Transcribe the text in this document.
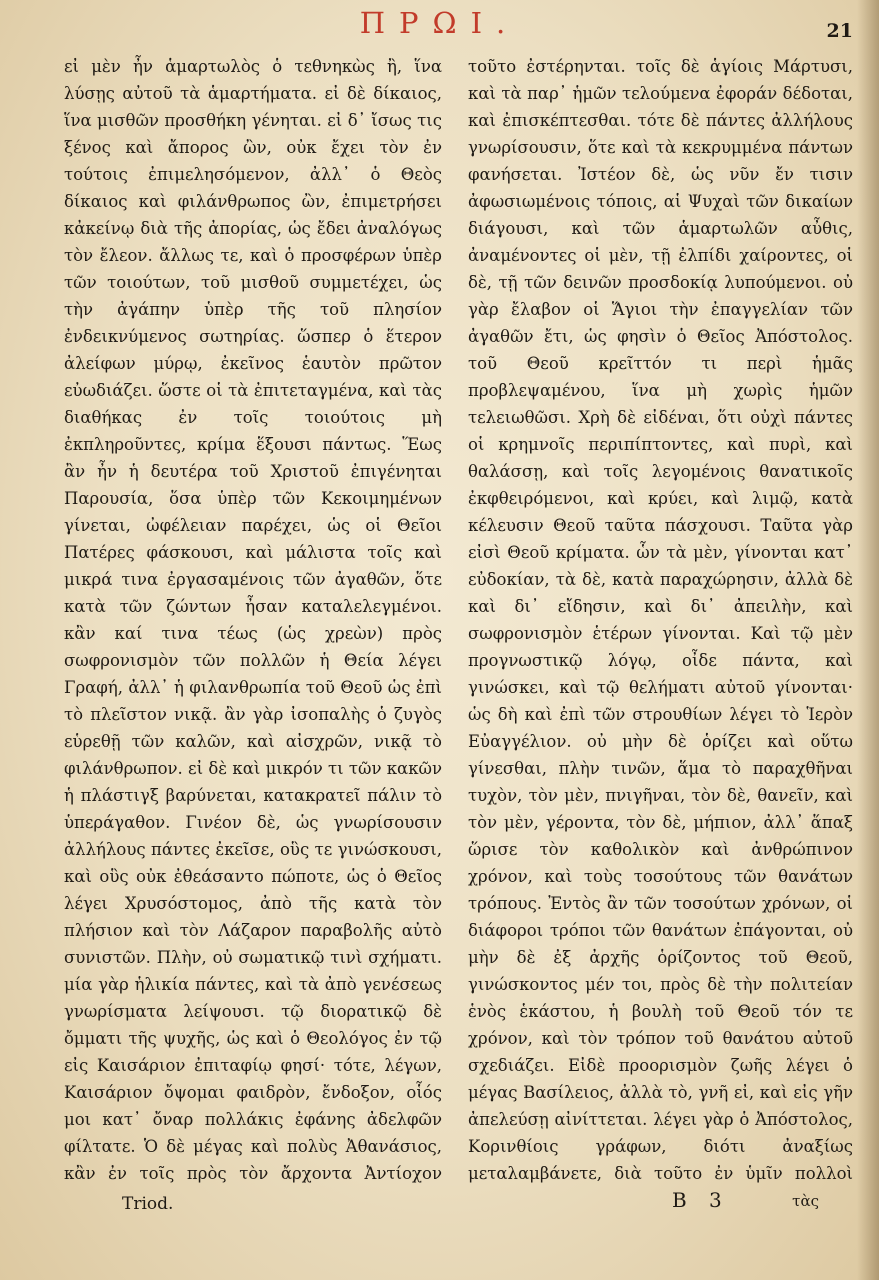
ΠΡΩΙ.	21

εἰ μὲν ἦν ἁμαρτωλὸς ὁ τεθνηκὼς ἢ, ἵνα λύσῃς αὐτοῦ τὰ ἁμαρτήματα. εἰ δὲ δίκαιος, ἵνα μισθῶν προσθήκη γένηται. εἰ δ᾽ ἴσως τις ξένος καὶ ἄπορος ὢν, οὐκ ἔχει τὸν ἐν τούτοις ἐπιμελησόμενον, ἀλλ᾽ ὁ Θεὸς δίκαιος καὶ φιλάνθρωπος ὢν, ἐπιμετρήσει κἀκείνῳ διὰ τῆς ἀπορίας, ὡς ἔδει ἀναλόγως τὸν ἔλεον. ἄλλως τε, καὶ ὁ προσφέρων ὑπὲρ τῶν τοιούτων, τοῦ μισθοῦ συμμετέχει, ὡς τὴν ἀγάπην ὑπὲρ τῆς τοῦ πλησίον ἐνδεικνύμενος σωτηρίας. ὥσπερ ὁ ἕτερον ἀλείφων μύρῳ, ἐκεῖνος ἑαυτὸν πρῶτον εὐωδιάζει. ὥστε οἱ τὰ ἐπιτεταγμένα, καὶ τὰς διαθήκας ἐν τοῖς τοιούτοις μὴ ἐκπληροῦντες, κρίμα ἕξουσι πάντως. Ἕως ἂν ἦν ἡ δευτέρα τοῦ Χριστοῦ ἐπιγένηται Παρουσία, ὅσα ὑπὲρ τῶν Κεκοιμημένων γίνεται, ὠφέλειαν παρέχει, ὡς οἱ Θεῖοι Πατέρες φάσκουσι, καὶ μάλιστα τοῖς καὶ μικρά τινα ἐργασαμένοις τῶν ἀγαθῶν, ὅτε κατὰ τῶν ζώντων ἦσαν καταλελεγμένοι. κἂν καί τινα τέως (ὡς χρεὼν) πρὸς σωφρονισμὸν τῶν πολλῶν ἡ Θεία λέγει Γραφή, ἀλλ᾽ ἡ φιλανθρωπία τοῦ Θεοῦ ὡς ἐπὶ τὸ πλεῖστον νικᾷ. ἂν γὰρ ἰσοπαλὴς ὁ ζυγὸς εὑρεθῇ τῶν καλῶν, καὶ αἰσχρῶν, νικᾷ τὸ φιλάνθρωπον. εἰ δὲ καὶ μικρόν τι τῶν κακῶν ἡ πλάστιγξ βαρύνεται, κατακρατεῖ πάλιν τὸ ὑπεράγαθον. Γινέον δὲ, ὡς γνωρίσουσιν ἀλλήλους πάντες ἐκεῖσε, οὓς τε γινώσκουσι, καὶ οὓς οὐκ ἐθεάσαντο πώποτε, ὡς ὁ Θεῖος λέγει Χρυσόστομος, ἀπὸ τῆς κατὰ τὸν πλήσιον καὶ τὸν Λάζαρον παραβολῆς αὐτὸ συνιστῶν. Πλὴν, οὐ σωματικῷ τινὶ σχήματι. μία γὰρ ἡλικία πάντες, καὶ τὰ ἀπὸ γενέσεως γνωρίσματα λείψουσι. τῷ διορατικῷ δὲ ὄμματι τῆς ψυχῆς, ὡς καὶ ὁ Θεολόγος ἐν τῷ εἰς Καισάριον ἐπιταφίῳ φησί· τότε, λέγων, Καισάριον ὄψομαι φαιδρὸν, ἔνδοξον, οἷός μοι κατ᾽ ὄναρ πολλάκις ἐφάνης ἀδελφῶν φίλτατε. Ὁ δὲ μέγας καὶ πολὺς Ἀθανάσιος, κἂν ἐν τοῖς πρὸς τὸν ἄρχοντα Ἀντίοχον

τοῦτο ἐστέρηνται. τοῖς δὲ ἁγίοις Μάρτυσι, καὶ τὰ παρ᾽ ἡμῶν τελούμενα ἐφοράν δέδοται, καὶ ἐπισκέπτεσθαι. τότε δὲ πάντες ἀλλήλους γνωρίσουσιν, ὅτε καὶ τὰ κεκρυμμένα πάντων φανήσεται. Ἰστέον δὲ, ὡς νῦν ἔν τισιν ἀφωσιωμένοις τόποις, αἱ Ψυχαὶ τῶν δικαίων διάγουσι, καὶ τῶν ἁμαρτωλῶν αὖθις, ἀναμένοντες οἱ μὲν, τῇ ἐλπίδι χαίροντες, οἱ δὲ, τῇ τῶν δεινῶν προσδοκίᾳ λυπούμενοι. οὐ γὰρ ἔλαβον οἱ Ἅγιοι τὴν ἐπαγγελίαν τῶν ἀγαθῶν ἔτι, ὡς φησὶν ὁ Θεῖος Ἀπόστολος. τοῦ Θεοῦ κρεῖττόν τι περὶ ἡμᾶς προβλεψαμένου, ἵνα μὴ χωρὶς ἡμῶν τελειωθῶσι. Χρὴ δὲ εἰδέναι, ὅτι οὐχὶ πάντες οἱ κρημνοῖς περιπίπτοντες, καὶ πυρὶ, καὶ θαλάσσῃ, καὶ τοῖς λεγομένοις θανατικοῖς ἐκφθειρόμενοι, καὶ κρύει, καὶ λιμῷ, κατὰ κέλευσιν Θεοῦ ταῦτα πάσχουσι. Ταῦτα γὰρ εἰσὶ Θεοῦ κρίματα. ὧν τὰ μὲν, γίνονται κατ᾽ εὐδοκίαν, τὰ δὲ, κατὰ παραχώρησιν, ἀλλὰ δὲ καὶ δι᾽ εἴδησιν, καὶ δι᾽ ἀπειλὴν, καὶ σωφρονισμὸν ἑτέρων γίνονται. Καὶ τῷ μὲν προγνωστικῷ λόγῳ, οἶδε πάντα, καὶ γινώσκει, καὶ τῷ θελήματι αὐτοῦ γίνονται· ὡς δὴ καὶ ἐπὶ τῶν στρουθίων λέγει τὸ Ἱερὸν Εὐαγγέλιον. οὐ μὴν δὲ ὁρίζει καὶ οὕτω γίνεσθαι, πλὴν τινῶν, ἅμα τὸ παραχθῆναι τυχὸν, τὸν μὲν, πνιγῆναι, τὸν δὲ, θανεῖν, καὶ τὸν μὲν, γέροντα, τὸν δὲ, μήπιον, ἀλλ᾽ ἅπαξ ὥρισε τὸν καθολικὸν καὶ ἀνθρώπινον χρόνον, καὶ τοὺς τοσούτους τῶν θανάτων τρόπους. Ἐντὸς ἂν τῶν τοσούτων χρόνων, οἱ διάφοροι τρόποι τῶν θανάτων ἐπάγονται, οὐ μὴν δὲ ἐξ ἀρχῆς ὁρίζοντος τοῦ Θεοῦ, γινώσκοντος μέν τοι, πρὸς δὲ τὴν πολιτείαν ἑνὸς ἑκάστου, ἡ βουλὴ τοῦ Θεοῦ τόν τε χρόνον, καὶ τὸν τρόπον τοῦ θανάτου αὐτοῦ σχεδιάζει. Εἰδὲ προορισμὸν ζωῆς λέγει ὁ μέγας Βασίλειος, ἀλλὰ τὸ, γνῆ εἰ, καὶ εἰς γῆν ἀπελεύσῃ αἰνίττεται. λέγει γὰρ ὁ Ἀπόστολος, Κορινθίοις γράφων, διότι ἀναξίως μεταλαμβάνετε, διὰ τοῦτο ἐν ὑμῖν πολλοὶ

Triod.	B 3	τὰς
